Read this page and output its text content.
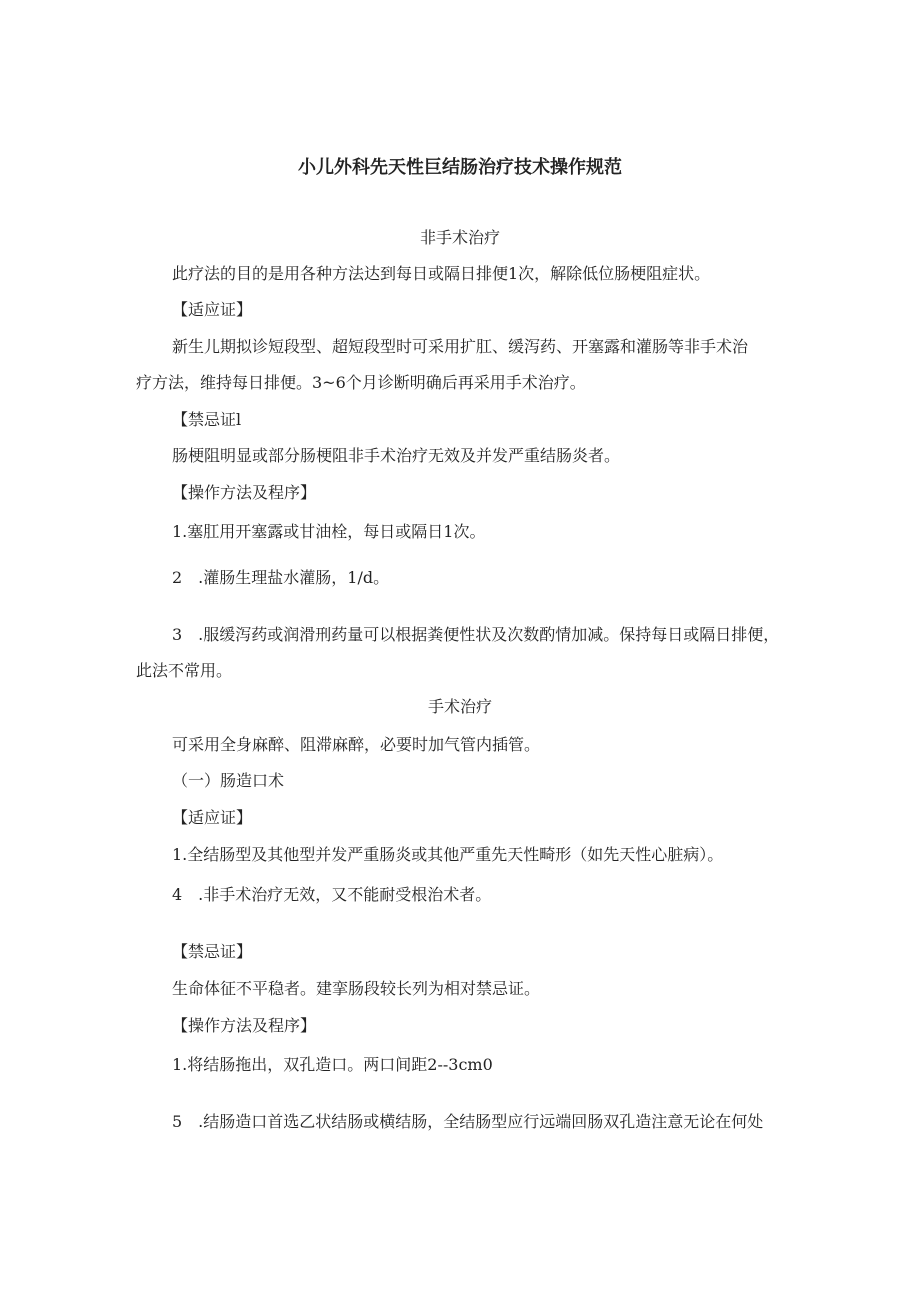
小儿外科先天性巨结肠治疗技术操作规范
非手术治疗
此疗法的目的是用各种方法达到每日或隔日排便1次，解除低位肠梗阻症状。
【适应证】
新生儿期拟诊短段型、超短段型时可采用扩肛、缓泻药、开塞露和灌肠等非手术治
疗方法，维持每日排便。3~6个月诊断明确后再采用手术治疗。
【禁忌证l
肠梗阻明显或部分肠梗阻非手术治疗无效及并发严重结肠炎者。
【操作方法及程序】
1.塞肛用开塞露或甘油栓，每日或隔日1次。
2　.灌肠生理盐水灌肠，1/d。
3　.服缓泻药或润滑刑药量可以根据粪便性状及次数酌情加减。保持每日或隔日排便，
此法不常用。
手术治疗
可采用全身麻醉、阻滞麻醉，必要时加气管内插管。
（一）肠造口术
【适应证】
1.全结肠型及其他型并发严重肠炎或其他严重先天性畸形（如先天性心脏病）。
4　.非手术治疗无效，又不能耐受根治术者。
【禁忌证】
生命体征不平稳者。建挛肠段较长列为相对禁忌证。
【操作方法及程序】
1.将结肠拖出，双孔造口。两口间距2--3cm0
5　.结肠造口首选乙状结肠或横结肠，全结肠型应行远端回肠双孔造注意无论在何处
